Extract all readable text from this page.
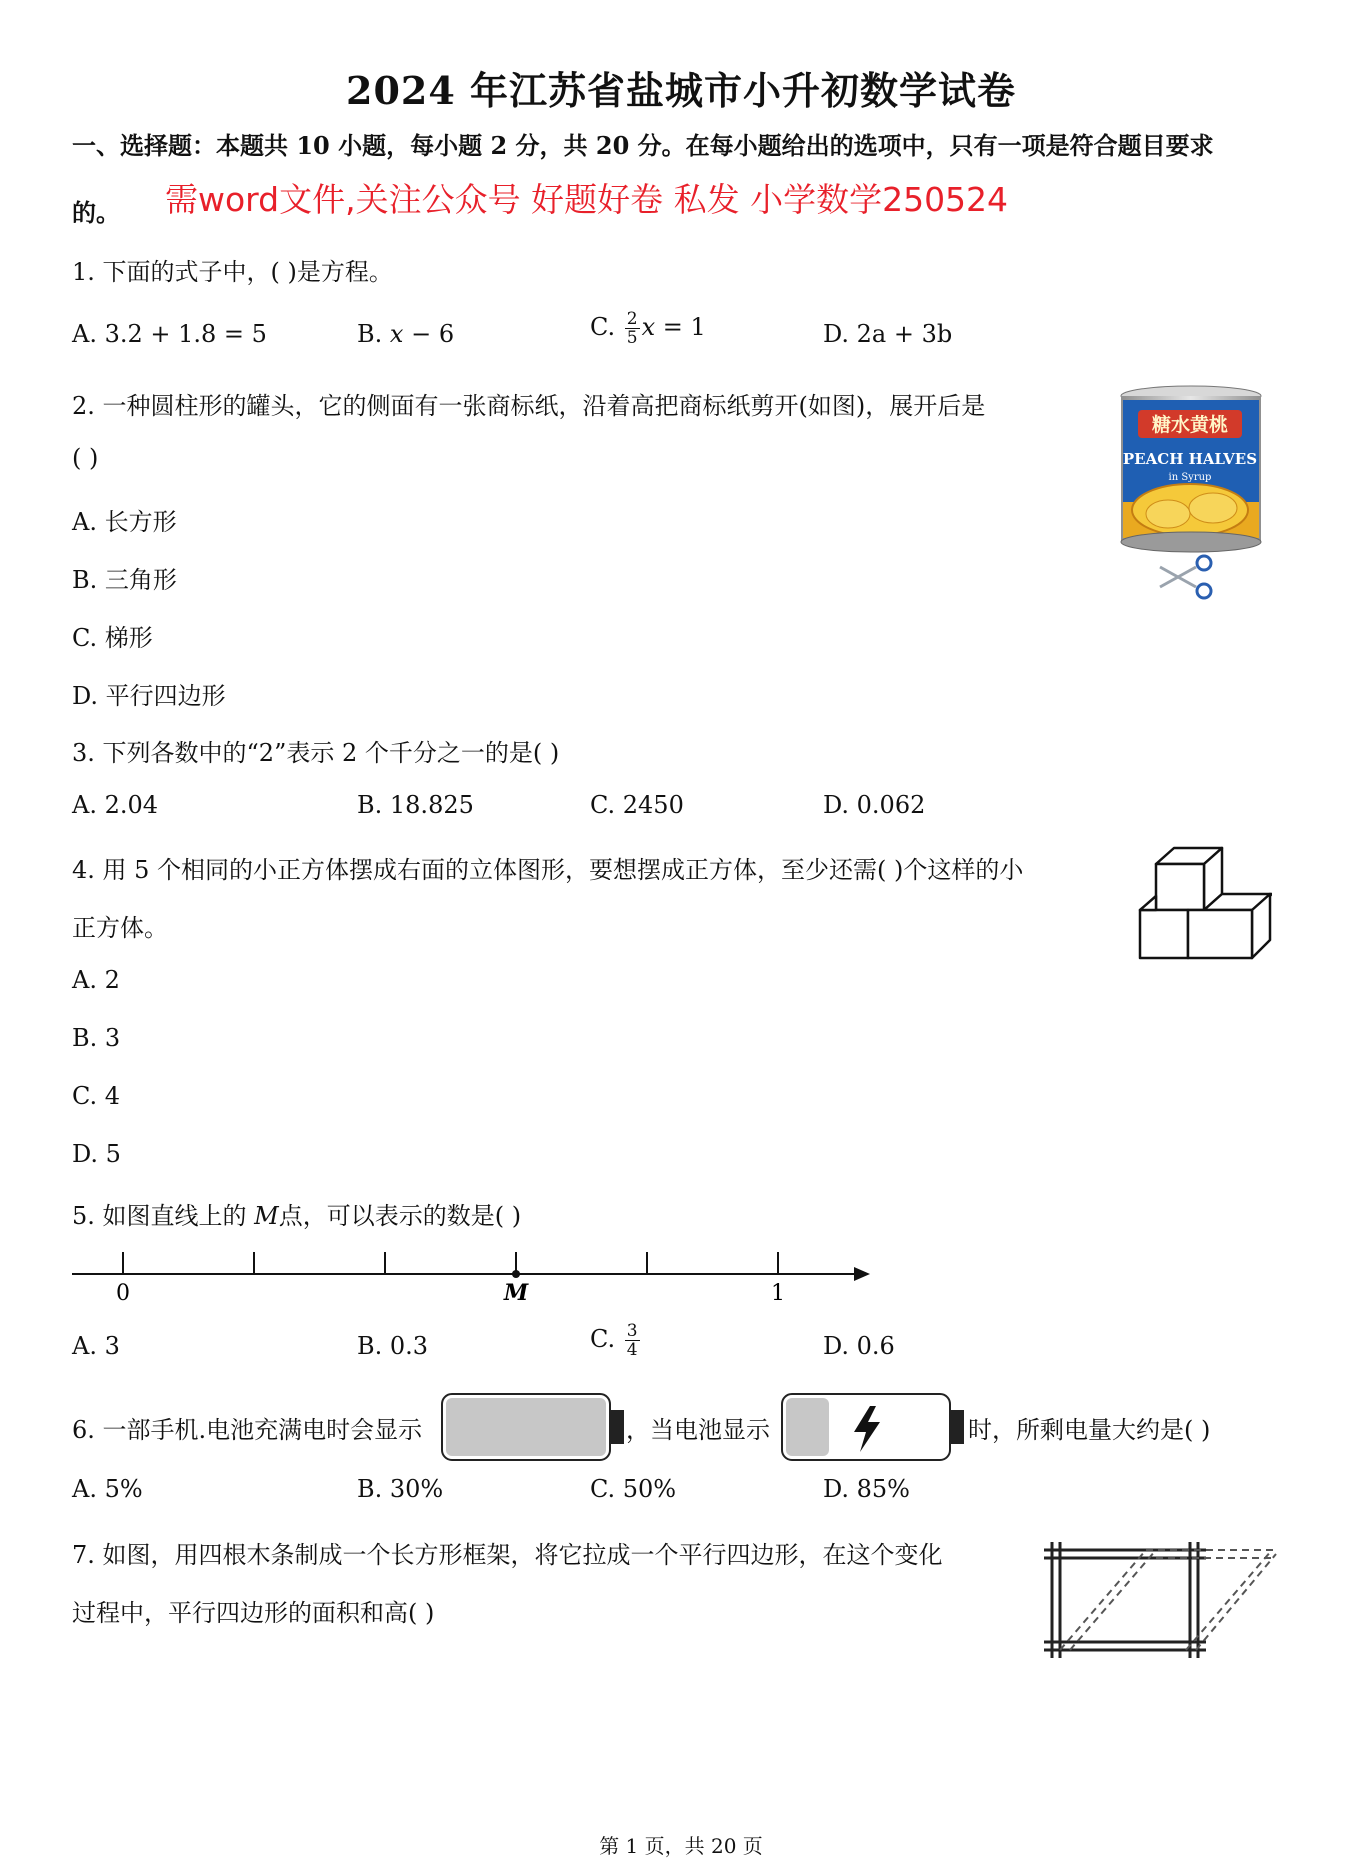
2024 年江苏省盐城市小升初数学试卷
一、选择题：本题共 10 小题，每小题 2 分，共 20 分。在每小题给出的选项中，只有一项是符合题目要求
的。 需word文件,关注公众号 好题好卷 私发 小学数学250524
1. 下面的式子中，( )是方程。
A. 3.2 + 1.8 = 5	B. x − 6	C. $\frac{2}{5}$ x = 1	D. 2a + 3b
2. 一种圆柱形的罐头，它的侧面有一张商标纸，沿着高把商标纸剪开(如图)，展开后是
( )
A. 长方形
B. 三角形
C. 梯形
D. 平行四边形
糖水黄桃
PEACH HALVES
in Syrup
3. 下列各数中的“2”表示 2 个千分之一的是( )
A. 2.04	B. 18.825	C. 2450	D. 0.062
4. 用 5 个相同的小正方体摆成右面的立体图形，要想摆成正方体，至少还需( )个这样的小
正方体。
A. 2
B. 3
C. 4
D. 5
5. 如图直线上的 M点，可以表示的数是( )
0	M	1
A. 3	B. 0.3	C. $\frac{3}{4}$	D. 0.6
6. 一部手机.电池充满电时会显示	，当电池显示	时，所剩电量大约是( )
A. 5%	B. 30%	C. 50%	D. 85%
7. 如图，用四根木条制成一个长方形框架，将它拉成一个平行四边形，在这个变化
过程中，平行四边形的面积和高( )
第 1 页，共 20 页
